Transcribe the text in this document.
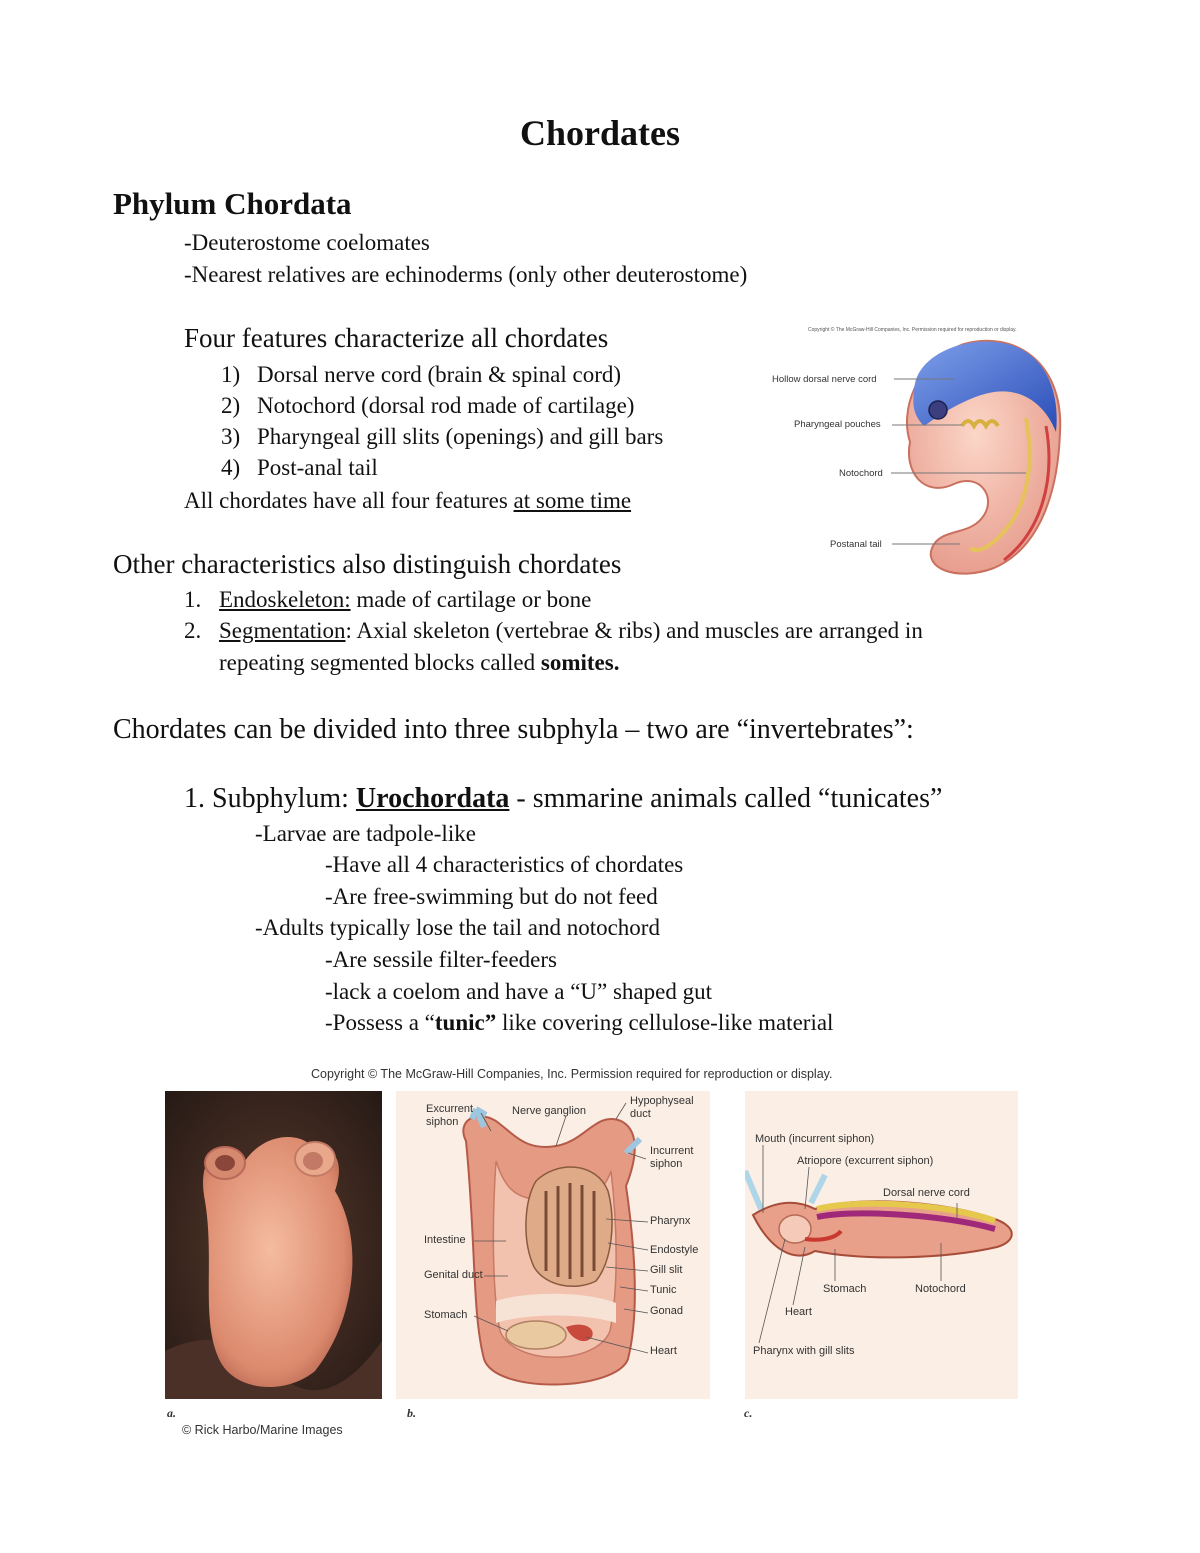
Chordates
Phylum Chordata
-Deuterostome coelomates
-Nearest relatives are echinoderms (only other deuterostome)
Four features characterize all chordates
1) Dorsal nerve cord (brain & spinal cord)
2) Notochord (dorsal rod made of cartilage)
3) Pharyngeal gill slits (openings) and gill bars
4) Post-anal tail
All chordates have all four features at some time
Copyright © The McGraw-Hill Companies, Inc. Permission required for reproduction or display.
Hollow dorsal nerve cord
Pharyngeal pouches
Notochord
Postanal tail
Other characteristics also distinguish chordates
1. Endoskeleton: made of cartilage or bone
2. Segmentation: Axial skeleton (vertebrae & ribs) and muscles are arranged in
repeating segmented blocks called somites.
Chordates can be divided into three subphyla – two are “invertebrates”:
1. Subphylum: Urochordata - smmarine animals called “tunicates”
-Larvae are tadpole-like
-Have all 4 characteristics of chordates
-Are free-swimming but do not feed
-Adults typically lose the tail and notochord
-Are sessile filter-feeders
-lack a coelom and have a “U” shaped gut
-Possess a “tunic” like covering cellulose-like material
Copyright © The McGraw-Hill Companies, Inc. Permission required for reproduction or display.
a.
© Rick Harbo/Marine Images
Excurrent siphon
Nerve ganglion
Hypophyseal duct
Incurrent siphon
Pharynx
Intestine
Endostyle
Gill slit
Genital duct
Tunic
Stomach	Gonad
Heart
b.
Mouth (incurrent siphon)
Atriopore (excurrent siphon)
Dorsal nerve cord
Stomach	Notochord
Heart
Pharynx with gill slits
c.
